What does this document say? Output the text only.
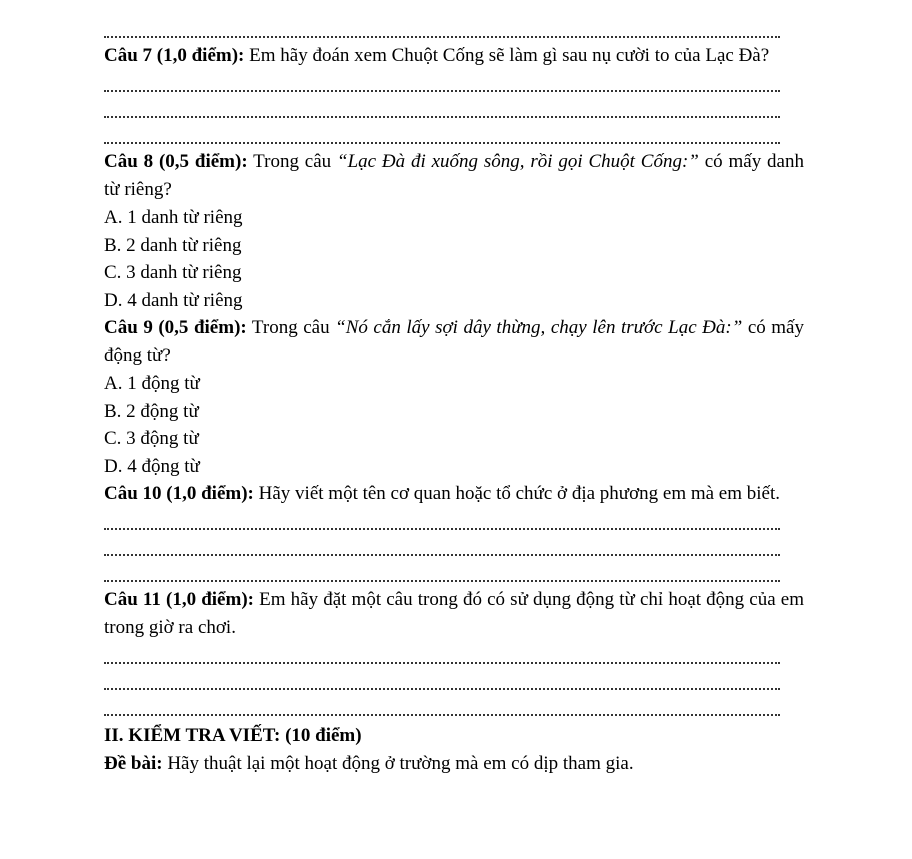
Câu 7 (1,0 điểm): Em hãy đoán xem Chuột Cống sẽ làm gì sau nụ cười to của Lạc Đà?
Câu 8 (0,5 điểm): Trong câu “Lạc Đà đi xuống sông, rồi gọi Chuột Cống:” có mấy danh từ riêng?
A. 1 danh từ riêng
B. 2 danh từ riêng
C. 3 danh từ riêng
D. 4 danh từ riêng
Câu 9 (0,5 điểm): Trong câu “Nó cắn lấy sợi dây thừng, chạy lên trước Lạc Đà:” có mấy động từ?
A. 1 động từ
B. 2 động từ
C. 3 động từ
D. 4 động từ
Câu 10 (1,0 điểm): Hãy viết một tên cơ quan hoặc tổ chức ở địa phương em mà em biết.
Câu 11 (1,0 điểm): Em hãy đặt một câu trong đó có sử dụng động từ chỉ hoạt động của em trong giờ ra chơi.
II. KIỂM TRA VIẾT: (10 điểm)
Đề bài: Hãy thuật lại một hoạt động ở trường mà em có dịp tham gia.
